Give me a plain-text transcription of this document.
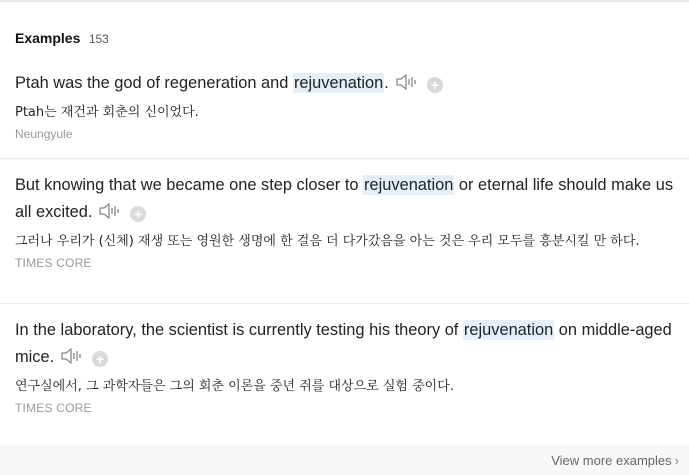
Examples 153

Ptah was the god of regeneration and rejuvenation.	+

Ptah는 재건과 회춘의 신이었다.

Neungyule

But knowing that we became one step closer to rejuvenation or eternal life should make us all excited.	+

그러나 우리가 (신체) 재생 또는 영원한 생명에 한 걸음 더 다가갔음을 아는 것은 우리 모두를 흥분시킬 만 하다.

TIMES CORE

In the laboratory, the scientist is currently testing his theory of rejuvenation on middle-aged mice.	+

연구실에서, 그 과학자들은 그의 회춘 이론을 중년 쥐를 대상으로 실험 중이다.

TIMES CORE

View more examples ›
